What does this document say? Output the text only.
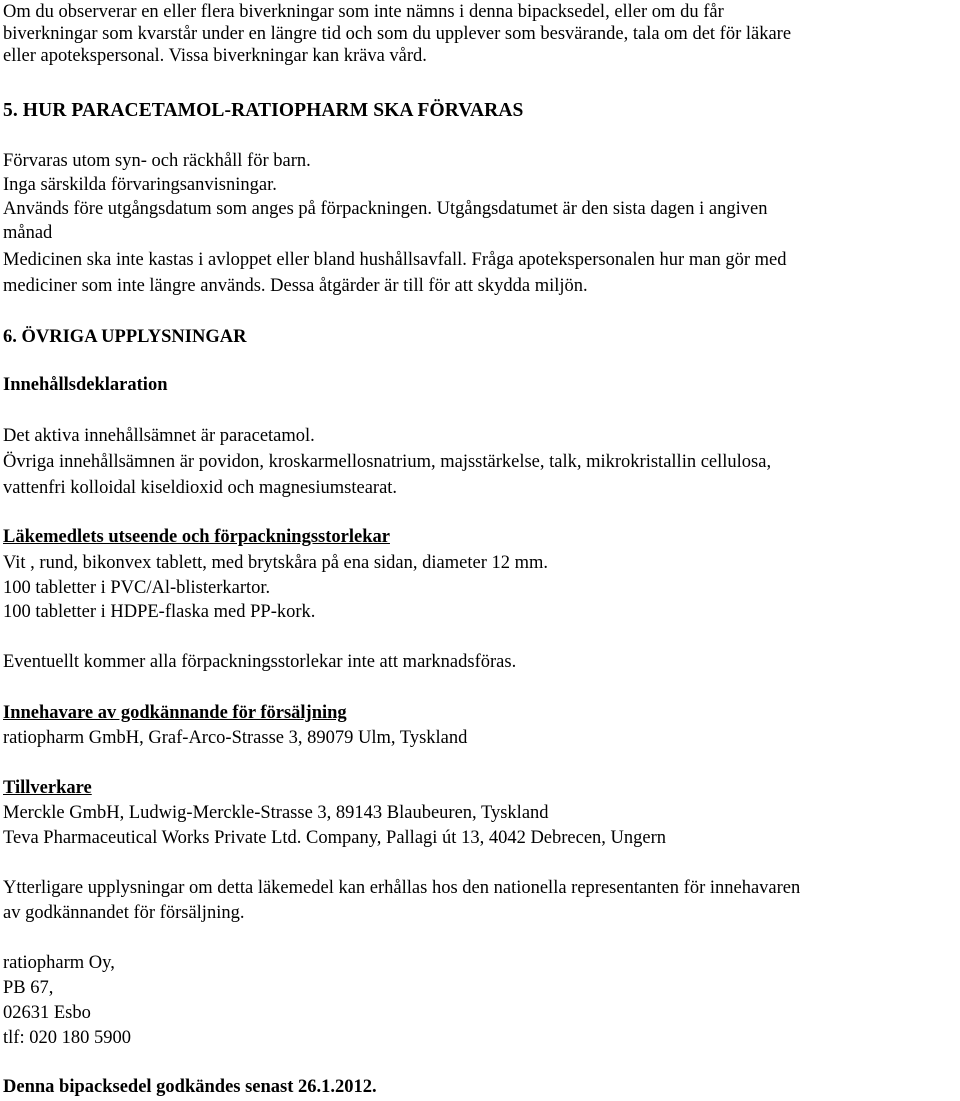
Om du observerar en eller flera biverkningar som inte nämns i denna bipacksedel, eller om du får
biverkningar som kvarstår under en längre tid och som du upplever som besvärande, tala om det för läkare
eller apotekspersonal. Vissa biverkningar kan kräva vård.
5. HUR PARACETAMOL-RATIOPHARM SKA FÖRVARAS
Förvaras utom syn- och räckhåll för barn.
Inga särskilda förvaringsanvisningar.
Används före utgångsdatum som anges på förpackningen. Utgångsdatumet är den sista dagen i angiven
månad
Medicinen ska inte kastas i avloppet eller bland hushållsavfall. Fråga apotekspersonalen hur man gör med
mediciner som inte längre används. Dessa åtgärder är till för att skydda miljön.
6. ÖVRIGA UPPLYSNINGAR
Innehållsdeklaration
Det aktiva innehållsämnet är paracetamol.
Övriga innehållsämnen är povidon, kroskarmellosnatrium, majsstärkelse, talk, mikrokristallin cellulosa,
vattenfri kolloidal kiseldioxid och magnesiumstearat.
Läkemedlets utseende och förpackningsstorlekar
Vit , rund, bikonvex tablett, med brytskåra på ena sidan, diameter 12 mm.
100 tabletter i PVC/Al-blisterkartor.
100 tabletter i HDPE-flaska med PP-kork.
Eventuellt kommer alla förpackningsstorlekar inte att marknadsföras.
Innehavare av godkännande för försäljning
ratiopharm GmbH, Graf-Arco-Strasse 3, 89079 Ulm, Tyskland
Tillverkare
Merckle GmbH, Ludwig-Merckle-Strasse 3, 89143 Blaubeuren, Tyskland
Teva Pharmaceutical Works Private Ltd. Company, Pallagi út 13, 4042 Debrecen, Ungern
Ytterligare upplysningar om detta läkemedel kan erhållas hos den nationella representanten för innehavaren
av godkännandet för försäljning.
ratiopharm Oy,
PB 67,
02631 Esbo
tlf: 020 180 5900
Denna bipacksedel godkändes senast 26.1.2012.
